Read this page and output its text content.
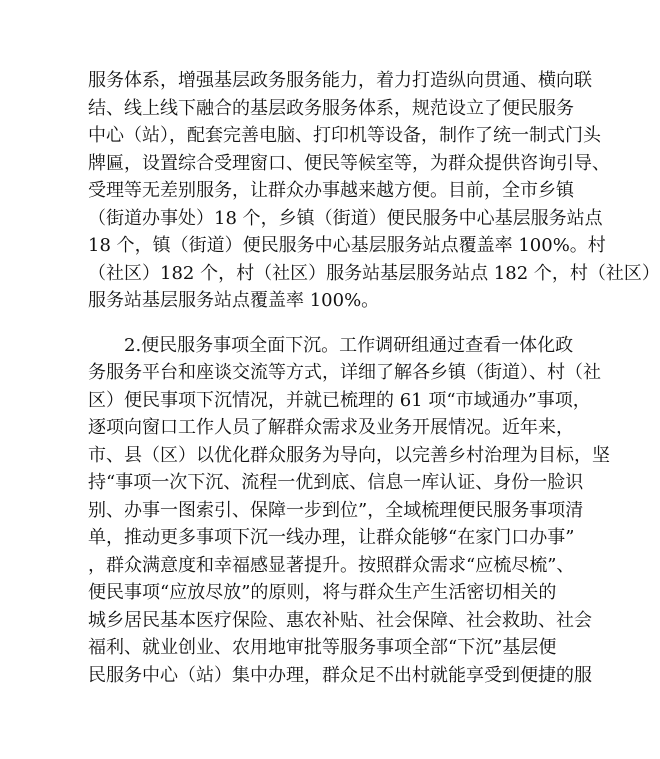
服务体系，增强基层政务服务能力，着力打造纵向贯通、横向联
结、线上线下融合的基层政务服务体系，规范设立了便民服务
中心（站），配套完善电脑、打印机等设备，制作了统一制式门头
牌匾，设置综合受理窗口、便民等候室等，为群众提供咨询引导、
受理等无差别服务，让群众办事越来越方便。目前，全市乡镇
（街道办事处）18 个，乡镇（街道）便民服务中心基层服务站点
18 个，镇（街道）便民服务中心基层服务站点覆盖率 100%。村
（社区）182 个，村（社区）服务站基层服务站点 182 个，村（社区）
服务站基层服务站点覆盖率 100%。
　　2.便民服务事项全面下沉。工作调研组通过查看一体化政
务服务平台和座谈交流等方式，详细了解各乡镇（街道）、村（社
区）便民事项下沉情况，并就已梳理的 61 项“市域通办”事项，
逐项向窗口工作人员了解群众需求及业务开展情况。近年来，
市、县（区）以优化群众服务为导向，以完善乡村治理为目标，坚
持“事项一次下沉、流程一优到底、信息一库认证、身份一脸识
别、办事一图索引、保障一步到位”，全域梳理便民服务事项清
单，推动更多事项下沉一线办理，让群众能够“在家门口办事”
，群众满意度和幸福感显著提升。按照群众需求“应梳尽梳”、
便民事项“应放尽放”的原则，将与群众生产生活密切相关的
城乡居民基本医疗保险、惠农补贴、社会保障、社会救助、社会
福利、就业创业、农用地审批等服务事项全部“下沉”基层便
民服务中心（站）集中办理，群众足不出村就能享受到便捷的服
